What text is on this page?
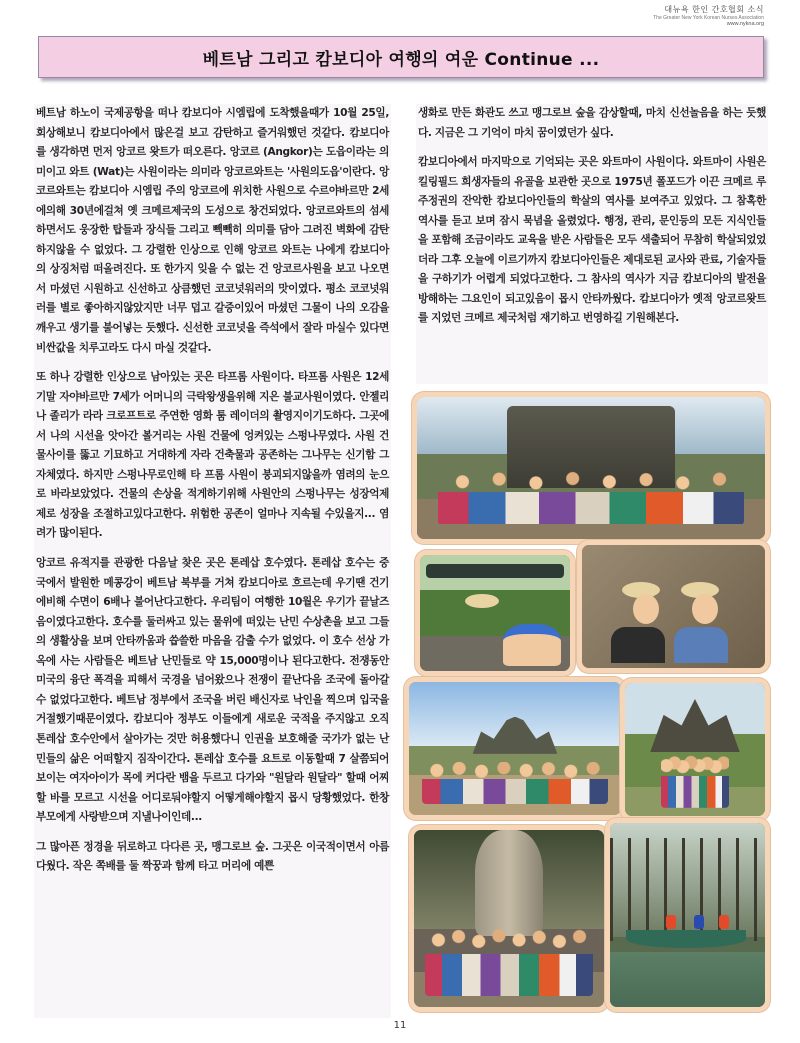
대뉴욕 한인 간호협회 소식
The Greater New York Korean Nurses Association
www.nykna.org
베트남 그리고 캄보디아 여행의 여운 Continue ...

베트남 하노이 국제공항을 떠나 캄보디아 시엠립에 도착했을때가 10월 25일, 회상해보니 캄보디아에서 많은걸 보고 감탄하고 즐거워했던 것같다. 캄보디아를 생각하면 먼저 앙코르 왓트가 떠오른다. 앙코르 (Angkor)는 도읍이라는 의미이고 와트 (Wat)는 사원이라는 의미라 앙코르와트는 '사원의도읍'이란다. 앙코르와트는 캄보디아 시엠립 주의 앙코르에 위치한 사원으로 수르야바르만 2세에의해 30년에걸쳐 옛 크메르제국의 도성으로 창건되었다. 앙코르와트의 섬세하면서도 웅장한 탑들과 장식들 그리고 빽빽히 의미를 담아 그려진 벽화에 감탄하지않을 수 없었다. 그 강렬한 인상으로 인해 앙코르 와트는 나에게 캄보디아의 상징처럼 떠올려진다. 또 한가지 잊을 수 없는 건 앙코르사원을 보고 나오면서 마셨던 시원하고 신선하고 상큼했던 코코넛워러의 맛이였다. 평소 코코넛워러를 별로 좋아하지않았지만 너무 덥고 갈증이있어 마셨던 그물이 나의 오감을 깨우고 생기를 불어넣는 듯했다. 신선한 코코넛을 즉석에서 잘라 마실수 있다면 비싼값을 치루고라도 다시 마실 것같다.

또 하나 강렬한 인상으로 남아있는 곳은 타프롬 사원이다. 타프롬 사원은 12세기말 자야바르만 7세가 어머니의 극락왕생을위해 지은 불교사원이였다. 안젤리나 졸리가 라라 크로프트로 주연한 영화 툼 레이더의 촬영지이기도하다. 그곳에서 나의 시선을 앗아간 볼거리는 사원 건물에 엉켜있는 스펑나무였다. 사원 건물사이를 뚫고 기묘하고 거대하게 자라 건축물과 공존하는 그나무는 신기함 그자체였다. 하지만 스펑나무로인해 타 프롬 사원이 붕괴되지않을까 염려의 눈으로 바라보았었다. 건물의 손상을 적게하기위해 사원안의 스펑나무는 성장억제제로 성장을 조절하고있다고한다. 위험한 공존이 얼마나 지속될 수있을지... 염려가 많이된다.

앙코르 유적지를 관광한 다음날 찾은 곳은 톤레삽 호수였다. 톤레삽 호수는 중국에서 발원한 메콩강이 베트남 북부를 거쳐 캄보디아로 흐르는데 우기땐 건기에비해 수면이 6배나 불어난다고한다. 우리팀이 여행한 10월은 우기가 끝날즈음이였다고한다. 호수를 둘러싸고 있는 물위에 떠있는 난민 수상촌을 보고 그들의 생활상을 보며 안타까움과 씁쓸한 마음을 감출 수가 없었다. 이 호수 선상 가옥에 사는 사람들은 베트남 난민들로 약 15,000명이나 된다고한다. 전쟁동안 미국의 융단 폭격을 피해서 국경을 넘어왔으나 전쟁이 끝난다음 조국에 돌아갈 수 없었다고한다. 베트남 정부에서 조국을 버린 배신자로 낙인을 찍으며 입국을 거절했기때문이였다. 캄보디아 정부도 이들에게 새로운 국적을 주지않고 오직 톤레삽 호수안에서 살아가는 것만 허용했다니 인권을 보호해줄 국가가 없는 난민들의 삶은 어떠할지 짐작이간다. 톤레삽 호수를 요트로 이동할때 7 살쯤되어 보이는 여자아이가 목에 커다란 뱀을 두르고 다가와 "원달라 원달라" 할때 어찌할 바를 모르고 시선을 어디로둬야할지 어떻게해야할지 몹시 당황했었다. 한창 부모에게 사랑받으며 지낼나이인데...

그 많아픈 정경을 뒤로하고 다다른 곳, 맹그로브 숲. 그곳은 이국적이면서 아름다웠다. 작은 쪽배를 둘 짝꿍과 함께 타고 머리에 예쁜

생화로 만든 화관도 쓰고 맹그로브 숲을 감상할때, 마치 신선놀음을 하는 듯했다. 지금은 그 기억이 마치 꿈이였던가 싶다.

캄보디아에서 마지막으로 기억되는 곳은 와트마이 사원이다. 와트마이 사원은 킬링필드 희생자들의 유골을 보관한 곳으로 1975년 폴포드가 이끈 크메르 루주정권의 잔악한 캄보디아인들의 학살의 역사를 보여주고 있었다. 그 참혹한 역사를 듣고 보며 잠시 묵념을 올렸었다. 행정, 관리, 문인등의 모든 지식인들을 포함해 조금이라도 교육을 받은 사람들은 모두 색출되어 무참히 학살되었었더라 그후 오늘에 이르기까지 캄보디아인들은 제대로된 교사와 관료, 기술자들을 구하기가 어렵게 되었다고한다. 그 참사의 역사가 지금 캄보디아의 발전을 방해하는 그요인이 되고있음이 몹시 안타까웠다. 캄보디아가 옛적 앙코르왓트를 지었던 크메르 제국처럼 재기하고 번영하길 기원해본다.

11
